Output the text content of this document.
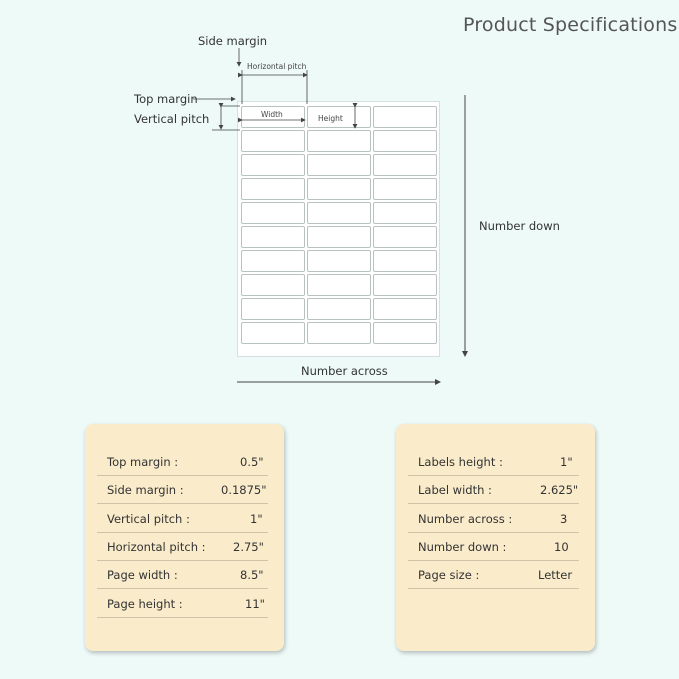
Product Specifications
Side margin
Horizontal pitch
Top margin
Vertical pitch	Width	Height
Number down
Number across
Top margin :	0.5"
Side margin :	0.1875"
Vertical pitch :	1"
Horizontal pitch : 2.75"
Page width :	8.5"
Page height :	11"
Labels height :	1"
Label width :	2.625"
Number across :	3
Number down :	10
Page size :	Letter
